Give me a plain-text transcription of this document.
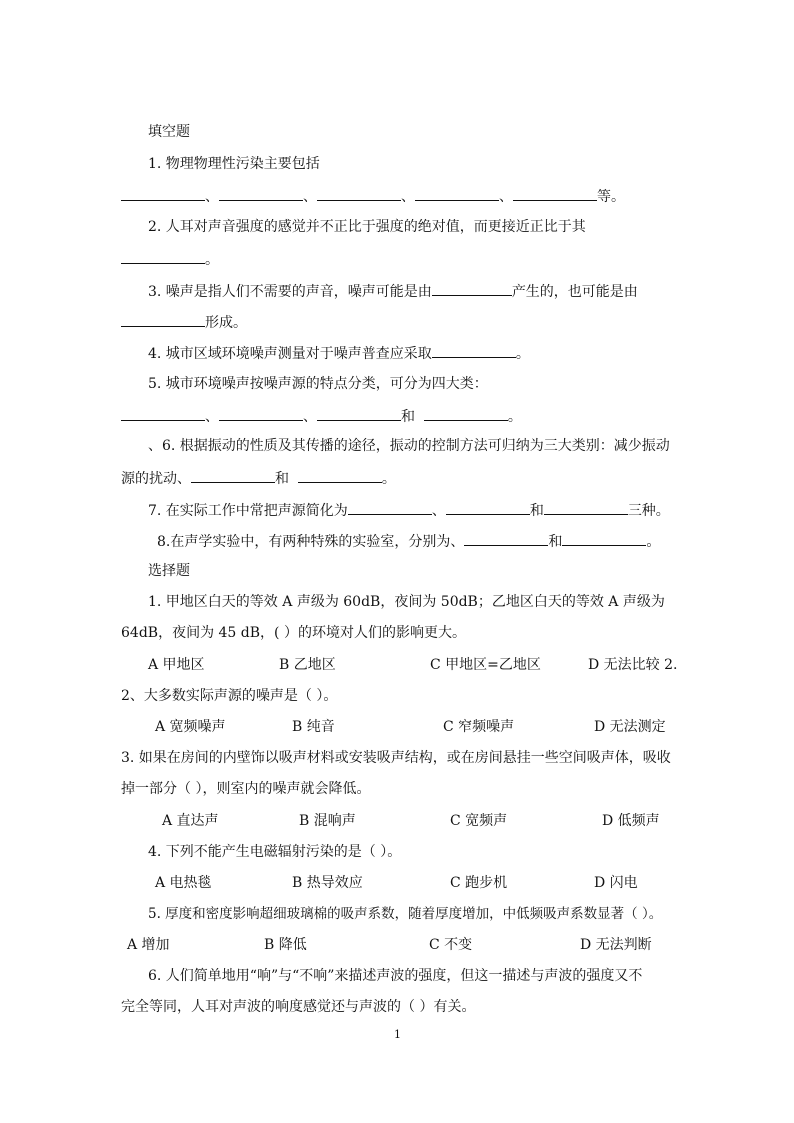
填空题
1. 物理物理性污染主要包括
、	、	、	、	等。
2. 人耳对声音强度的感觉并不正比于强度的绝对值，而更接近正比于其
。
3. 噪声是指人们不需要的声音，噪声可能是由	产生的，也可能是由
形成。
4. 城市区域环境噪声测量对于噪声普查应采取	。
5. 城市环境噪声按噪声源的特点分类，可分为四大类：
、	、	和	。
、6. 根据振动的性质及其传播的途径，振动的控制方法可归纳为三大类别：减少振动
源的扰动、	和	。
7. 在实际工作中常把声源简化为	、	和	三种。
8.在声学实验中，有两种特殊的实验室，分别为、	和	。
选择题
1. 甲地区白天的等效 A 声级为 60dB，夜间为 50dB；乙地区白天的等效 A 声级为
64dB，夜间为 45 dB，( ）的环境对人们的影响更大。
A 甲地区	B 乙地区	C 甲地区=乙地区	D 无法比较 2.
2、大多数实际声源的噪声是（ ）。
A 宽频噪声	B 纯音	C 窄频噪声	D 无法测定
3. 如果在房间的内壁饰以吸声材料或安装吸声结构，或在房间悬挂一些空间吸声体，吸收
掉一部分（ ），则室内的噪声就会降低。
A 直达声	B 混响声	C 宽频声	D 低频声
4. 下列不能产生电磁辐射污染的是（ ）。
A 电热毯	B 热导效应	C 跑步机	D 闪电
5. 厚度和密度影响超细玻璃棉的吸声系数，随着厚度增加，中低频吸声系数显著（ ）。
A 增加	B 降低	C 不变	D 无法判断
6. 人们简单地用“响”与“不响”来描述声波的强度，但这一描述与声波的强度又不
完全等同，人耳对声波的响度感觉还与声波的（ ）有关。
1
